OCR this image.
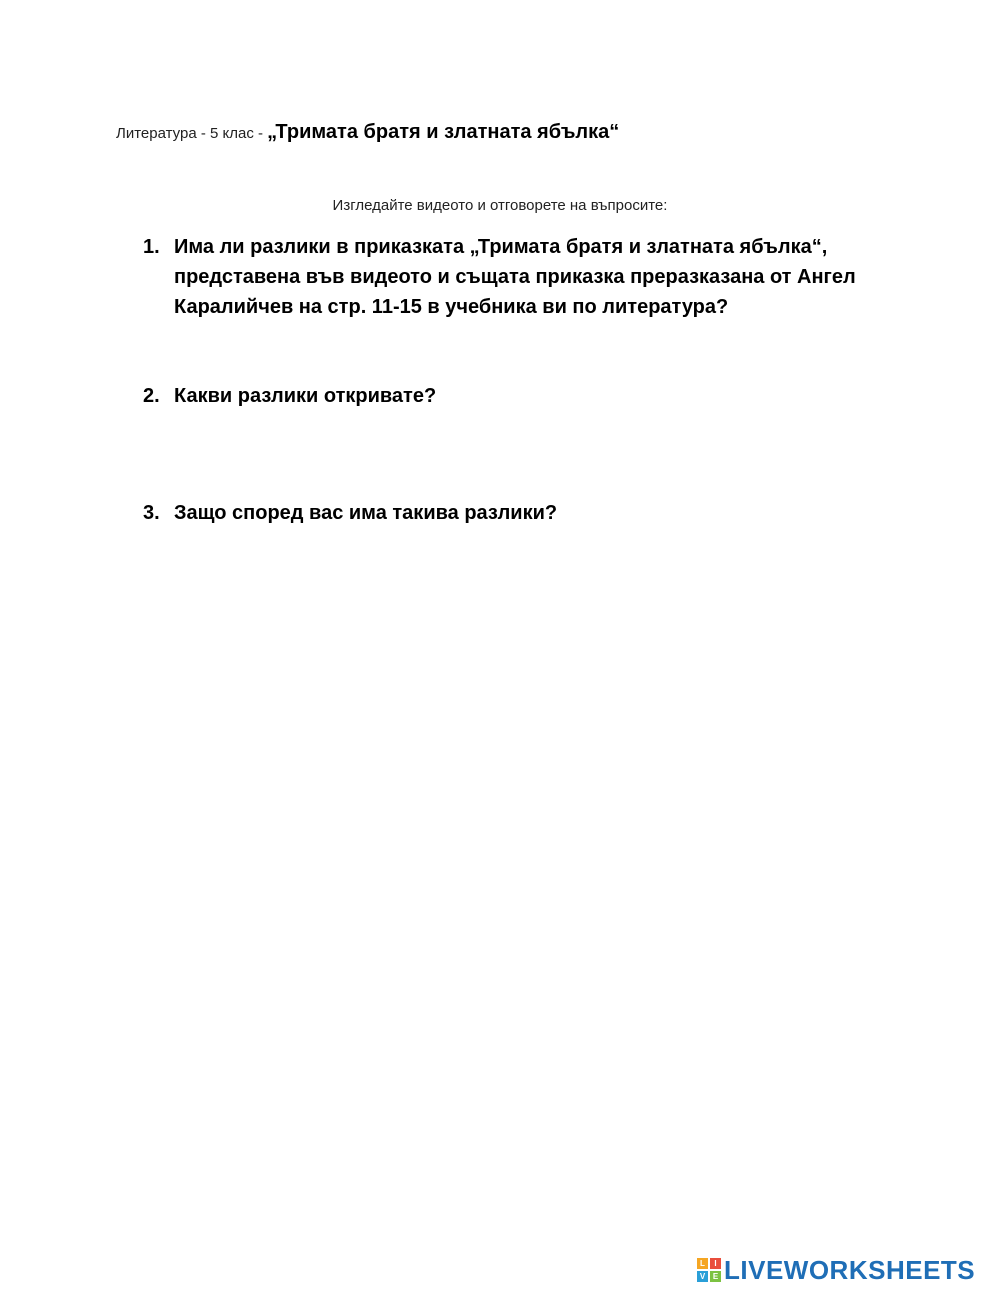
Литература - 5 клас - „Тримата братя и златната ябълка“
Изгледайте видеото и отговорете на въпросите:
1. Има ли разлики в приказката „Тримата братя и златната ябълка“, представена във видеото и същата приказка преразказана от Ангел Каралийчев на стр. 11-15 в учебника ви по литература?
2. Какви разлики откривате?
3. Защо според вас има такива разлики?
L	I
V E LIVEWORKSHEETS
